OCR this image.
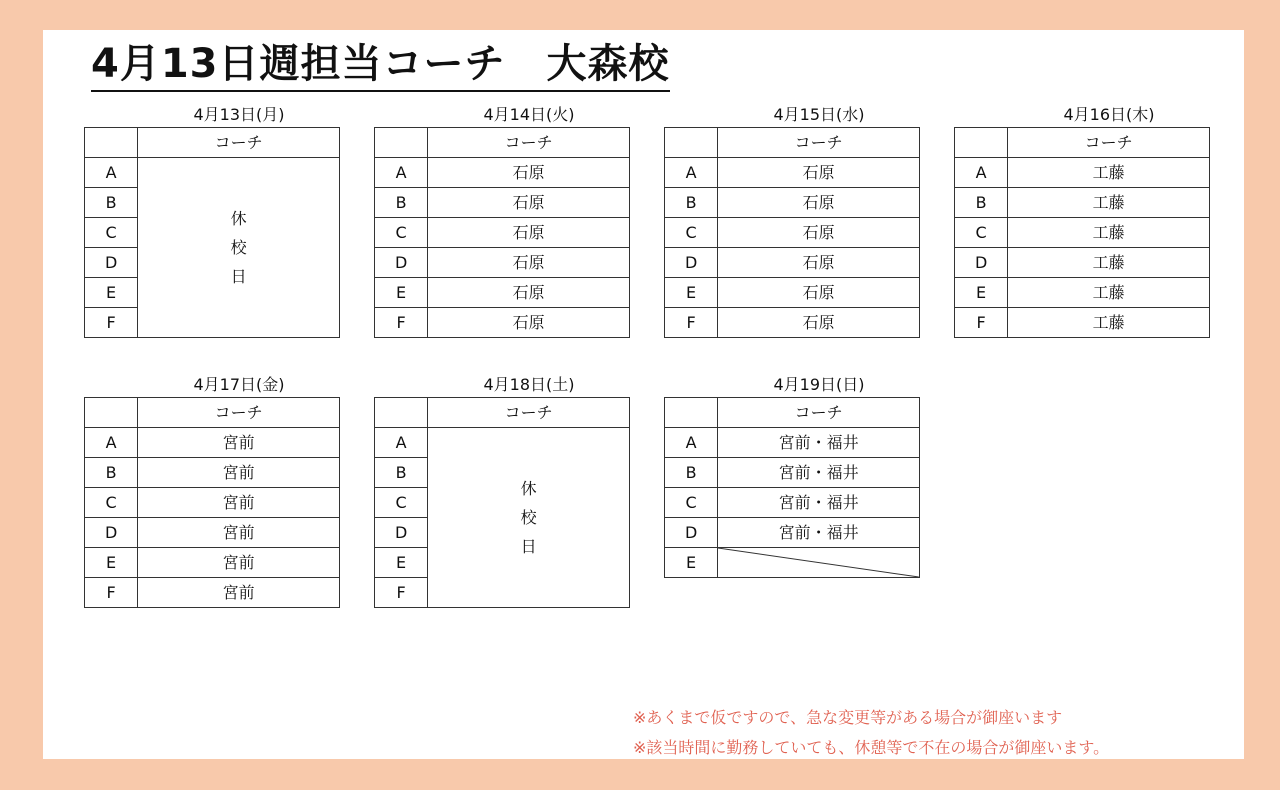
4月13日週担当コーチ　大森校
4月13日(月)
	コーチ
A	休
校
日
B	
C	
D	
E	
F	
4月14日(火)
	コーチ
A	石原
B	石原
C	石原
D	石原
E	石原
F	石原
4月15日(水)
	コーチ
A	石原
B	石原
C	石原
D	石原
E	石原
F	石原
4月16日(木)
	コーチ
A	工藤
B	工藤
C	工藤
D	工藤
E	工藤
F	工藤
4月17日(金)
	コーチ
A	宮前
B	宮前
C	宮前
D	宮前
E	宮前
F	宮前
4月18日(土)
	コーチ
A	休
校
日
B	
C	
D	
E	
F	
4月19日(日)
	コーチ
A	宮前・福井
B	宮前・福井
C	宮前・福井
D	宮前・福井
E	
※あくまで仮ですので、急な変更等がある場合が御座います
※該当時間に勤務していても、休憩等で不在の場合が御座います。
